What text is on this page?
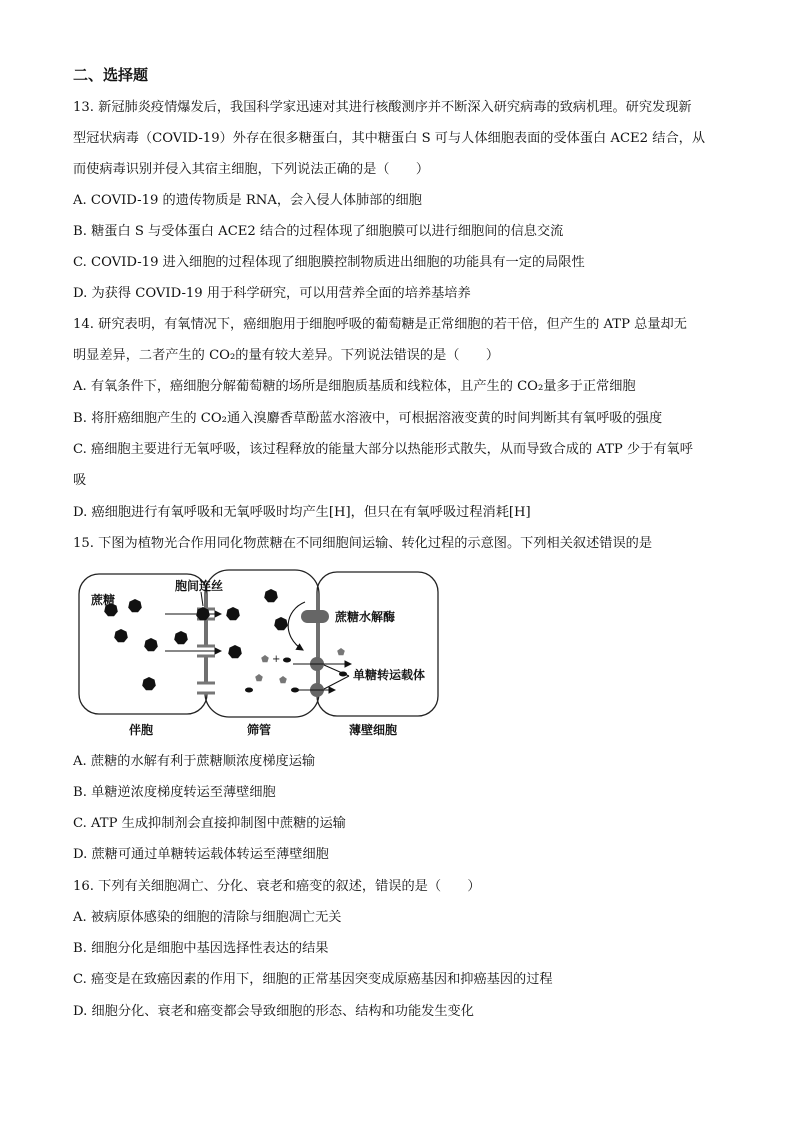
二、选择题
13. 新冠肺炎疫情爆发后，我国科学家迅速对其进行核酸测序并不断深入研究病毒的致病机理。研究发现新
型冠状病毒（COVID-19）外存在很多糖蛋白，其中糖蛋白 S 可与人体细胞表面的受体蛋白 ACE2 结合，从
而使病毒识别并侵入其宿主细胞，下列说法正确的是（　　）
A. COVID-19 的遗传物质是 RNA，会入侵人体肺部的细胞
B. 糖蛋白 S 与受体蛋白 ACE2 结合的过程体现了细胞膜可以进行细胞间的信息交流
C. COVID-19 进入细胞的过程体现了细胞膜控制物质进出细胞的功能具有一定的局限性
D. 为获得 COVID-19 用于科学研究，可以用营养全面的培养基培养
14. 研究表明，有氧情况下，癌细胞用于细胞呼吸的葡萄糖是正常细胞的若干倍，但产生的 ATP 总量却无
明显差异，二者产生的 CO₂的量有较大差异。下列说法错误的是（　　）
A. 有氧条件下，癌细胞分解葡萄糖的场所是细胞质基质和线粒体，且产生的 CO₂量多于正常细胞
B. 将肝癌细胞产生的 CO₂通入溴麝香草酚蓝水溶液中，可根据溶液变黄的时间判断其有氧呼吸的强度
C. 癌细胞主要进行无氧呼吸，该过程释放的能量大部分以热能形式散失，从而导致合成的 ATP 少于有氧呼
吸
D. 癌细胞进行有氧呼吸和无氧呼吸时均产生[H]，但只在有氧呼吸过程消耗[H]
15. 下图为植物光合作用同化物蔗糖在不同细胞间运输、转化过程的示意图。下列相关叙述错误的是
+
蔗糖
胞间连丝
蔗糖水解酶
单糖转运载体
伴胞	筛管	薄壁细胞
A. 蔗糖的水解有利于蔗糖顺浓度梯度运输
B. 单糖逆浓度梯度转运至薄壁细胞
C. ATP 生成抑制剂会直接抑制图中蔗糖的运输
D. 蔗糖可通过单糖转运载体转运至薄壁细胞
16. 下列有关细胞凋亡、分化、衰老和癌变的叙述，错误的是（　　）
A. 被病原体感染的细胞的清除与细胞凋亡无关
B. 细胞分化是细胞中基因选择性表达的结果
C. 癌变是在致癌因素的作用下，细胞的正常基因突变成原癌基因和抑癌基因的过程
D. 细胞分化、衰老和癌变都会导致细胞的形态、结构和功能发生变化
